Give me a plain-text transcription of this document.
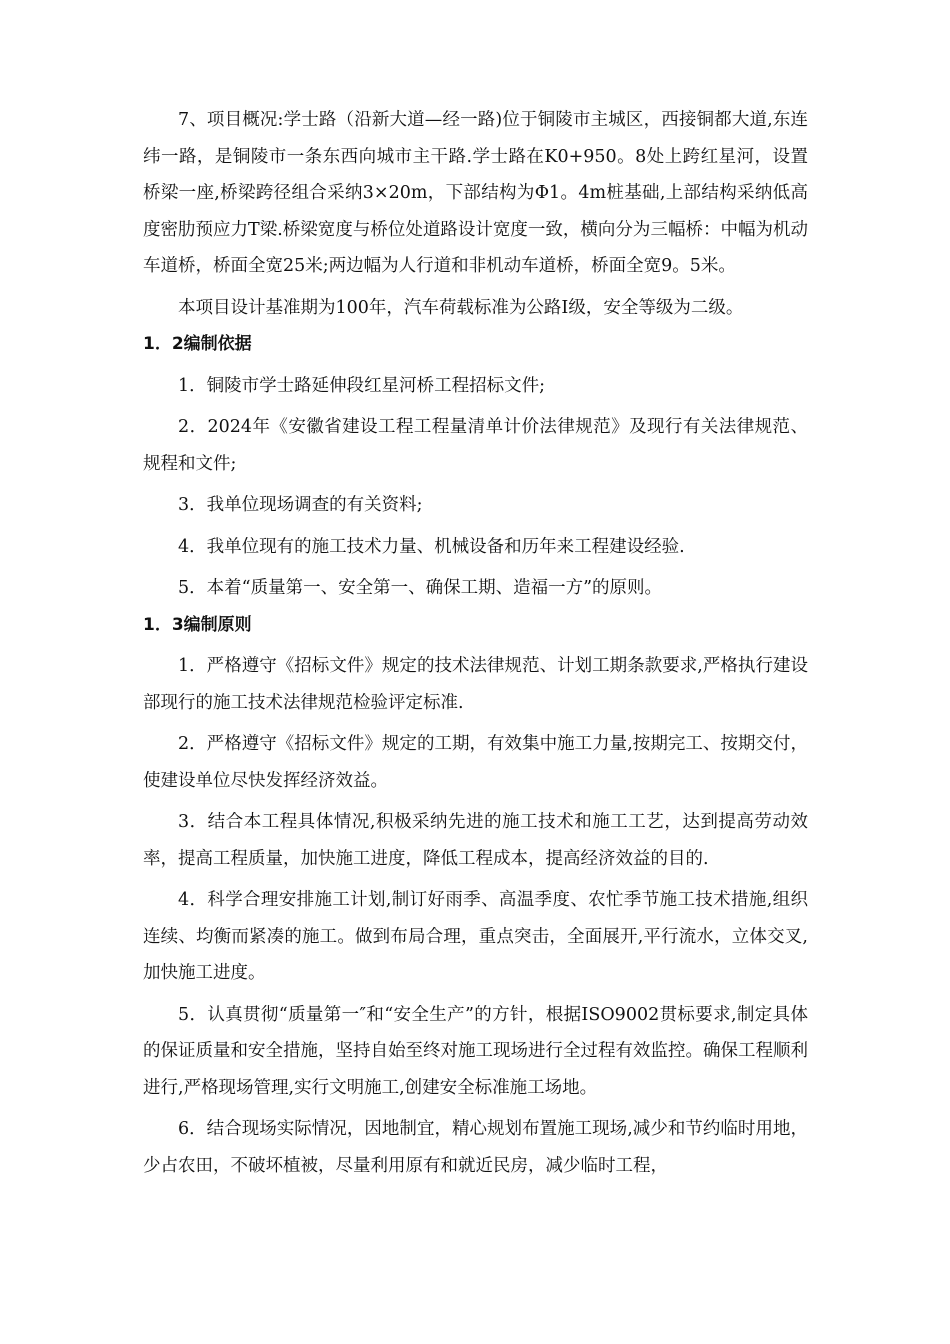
7、项目概况:学士路（沿新大道—经一路)位于铜陵市主城区，西接铜都大道,东连纬一路，是铜陵市一条东西向城市主干路.学士路在K0+950。8处上跨红星河，设置桥梁一座,桥梁跨径组合采纳3×20m，下部结构为Φ1。4m桩基础,上部结构采纳低高度密肋预应力T梁.桥梁宽度与桥位处道路设计宽度一致，横向分为三幅桥：中幅为机动车道桥，桥面全宽25米;两边幅为人行道和非机动车道桥，桥面全宽9。5米。

本项目设计基准期为100年，汽车荷载标准为公路Ⅰ级，安全等级为二级。

1．2编制依据

1．铜陵市学士路延伸段红星河桥工程招标文件;

2．2024年《安徽省建设工程工程量清单计价法律规范》及现行有关法律规范、规程和文件;

3．我单位现场调查的有关资料;

4．我单位现有的施工技术力量、机械设备和历年来工程建设经验.

5．本着“质量第一、安全第一、确保工期、造福一方”的原则。

1．3编制原则

1．严格遵守《招标文件》规定的技术法律规范、计划工期条款要求,严格执行建设部现行的施工技术法律规范检验评定标准.

2．严格遵守《招标文件》规定的工期，有效集中施工力量,按期完工、按期交付，使建设单位尽快发挥经济效益。

3．结合本工程具体情况,积极采纳先进的施工技术和施工工艺，达到提高劳动效率，提高工程质量，加快施工进度，降低工程成本，提高经济效益的目的.

4．科学合理安排施工计划,制订好雨季、高温季度、农忙季节施工技术措施,组织连续、均衡而紧凑的施工。做到布局合理，重点突击，全面展开,平行流水，立体交叉,加快施工进度。

5．认真贯彻“质量第一″和“安全生产”的方针，根据ISO9002贯标要求,制定具体的保证质量和安全措施，坚持自始至终对施工现场进行全过程有效监控。确保工程顺利进行,严格现场管理,实行文明施工,创建安全标准施工场地。

6．结合现场实际情况，因地制宜，精心规划布置施工现场,减少和节约临时用地，少占农田，不破坏植被，尽量利用原有和就近民房，减少临时工程，
